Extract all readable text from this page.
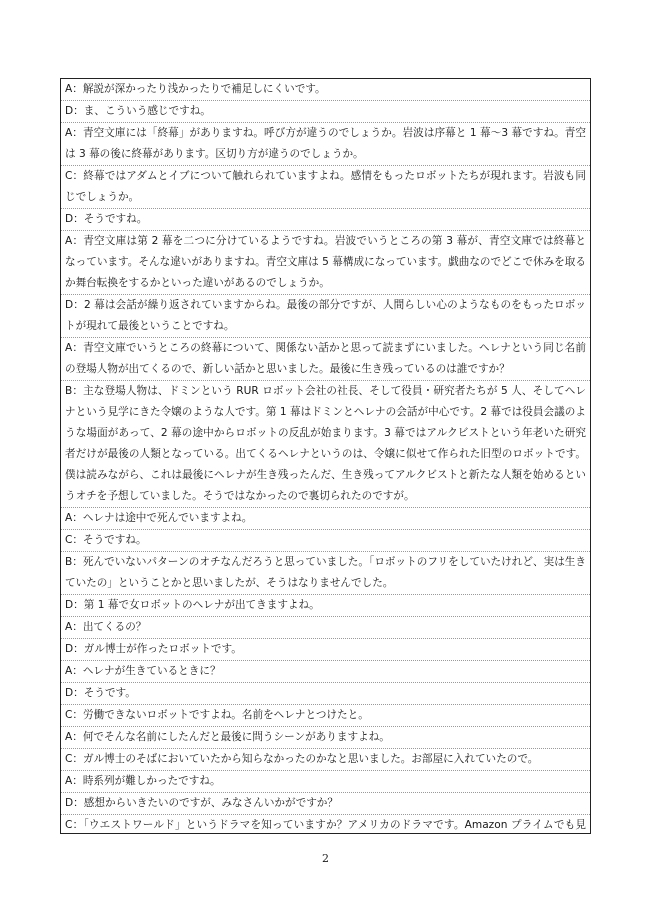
A：解説が深かったり浅かったりで補足しにくいです。

D：ま、こういう感じですね。

A：青空文庫には「終幕」がありますね。呼び方が違うのでしょうか。岩波は序幕と 1 幕〜3 幕ですね。青空は 3 幕の後に終幕があります。区切り方が違うのでしょうか。

C：終幕ではアダムとイブについて触れられていますよね。感情をもったロボットたちが現れます。岩波も同じでしょうか。

D：そうですね。

A：青空文庫は第 2 幕を二つに分けているようですね。岩波でいうところの第 3 幕が、青空文庫では終幕となっています。そんな違いがありますね。青空文庫は 5 幕構成になっています。戯曲なのでどこで休みを取るか舞台転換をするかといった違いがあるのでしょうか。

D：2 幕は会話が繰り返されていますからね。最後の部分ですが、人間らしい心のようなものをもったロボットが現れて最後ということですね。

A：青空文庫でいうところの終幕について、関係ない話かと思って読まずにいました。ヘレナという同じ名前の登場人物が出てくるので、新しい話かと思いました。最後に生き残っているのは誰ですか？

B：主な登場人物は、ドミンという RUR ロボット会社の社長、そして役員・研究者たちが 5 人、そしてヘレナという見学にきた令嬢のような人です。第 1 幕はドミンとヘレナの会話が中心です。2 幕では役員会議のような場面があって、2 幕の途中からロボットの反乱が始まります。3 幕ではアルクビストという年老いた研究者だけが最後の人類となっている。出てくるヘレナというのは、令嬢に似せて作られた旧型のロボットです。僕は読みながら、これは最後にヘレナが生き残ったんだ、生き残ってアルクビストと新たな人類を始めるというオチを予想していました。そうではなかったので裏切られたのですが。

A：ヘレナは途中で死んでいますよね。

C：そうですね。

B：死んでいないパターンのオチなんだろうと思っていました。「ロボットのフリをしていたけれど、実は生きていたの」ということかと思いましたが、そうはなりませんでした。

D：第 1 幕で女ロボットのヘレナが出てきますよね。

A：出てくるの？

D：ガル博士が作ったロボットです。

A：ヘレナが生きているときに？

D：そうです。

C：労働できないロボットですよね。名前をヘレナとつけたと。

A：何でそんな名前にしたんだと最後に問うシーンがありますよね。

C：ガル博士のそばにおいていたから知らなかったのかなと思いました。お部屋に入れていたので。

A：時系列が難しかったですね。

D：感想からいきたいのですが、みなさんいかがですか？

C：「ウエストワールド」というドラマを知っていますか？アメリカのドラマです。Amazon プライムでも見

2
